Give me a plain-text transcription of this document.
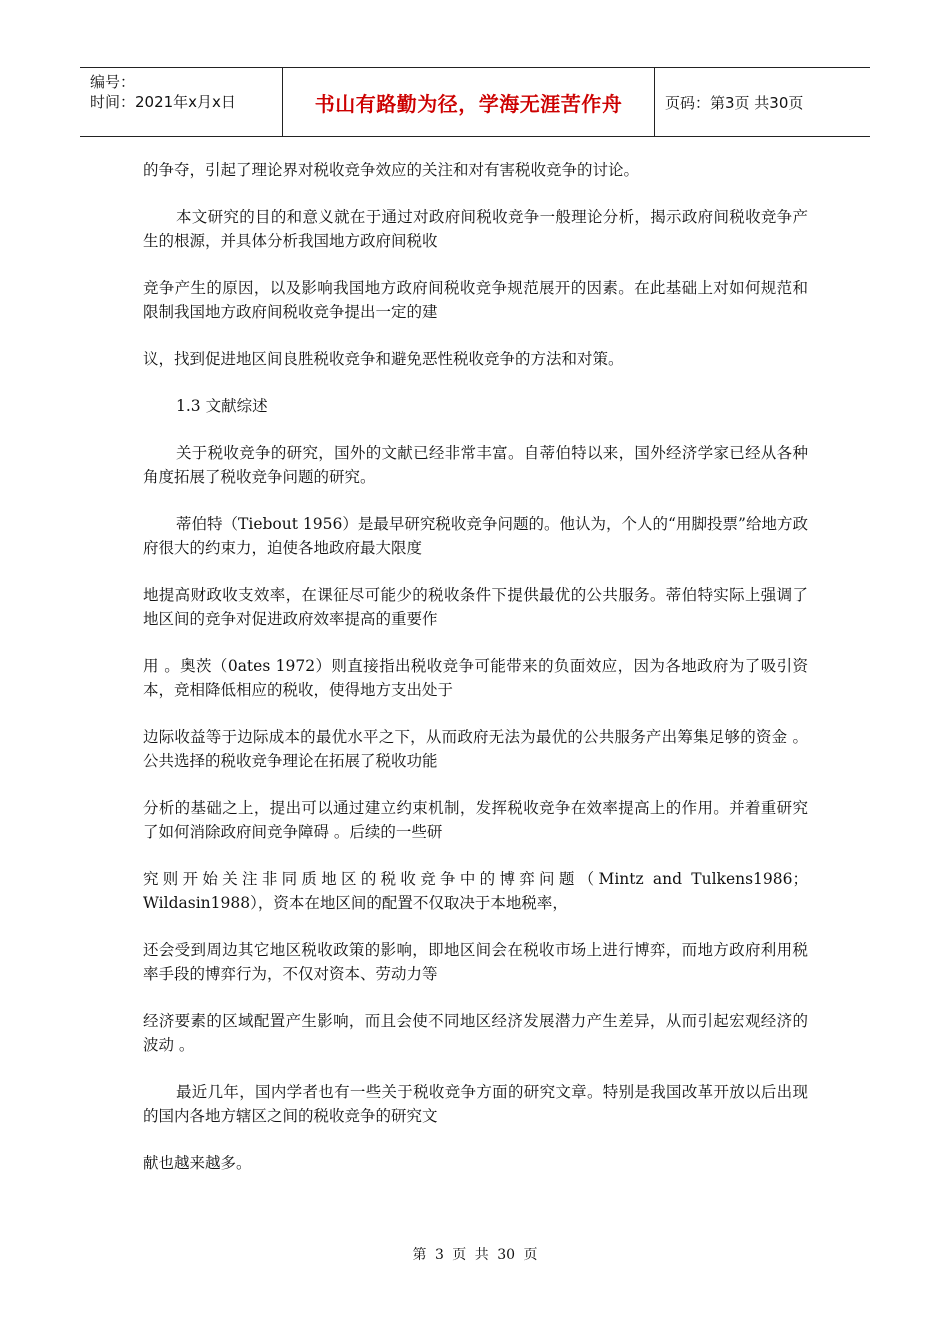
编号：
时间：2021年x月x日	书山有路勤为径，学海无涯苦作舟	页码：第3页 共30页

的争夺，引起了理论界对税收竞争效应的关注和对有害税收竞争的讨论。

本文研究的目的和意义就在于通过对政府间税收竞争一般理论分析，揭示政府间税收竞争产生的根源，并具体分析我国地方政府间税收

竞争产生的原因，以及影响我国地方政府间税收竞争规范展开的因素。在此基础上对如何规范和限制我国地方政府间税收竞争提出一定的建

议，找到促进地区间良胜税收竞争和避免恶性税收竞争的方法和对策。

1.3 文献综述

关于税收竞争的研究，国外的文献已经非常丰富。自蒂伯特以来，国外经济学家已经从各种角度拓展了税收竞争问题的研究。

蒂伯特（Tiebout 1956）是最早研究税收竞争问题的。他认为，个人的“用脚投票”给地方政府很大的约束力，迫使各地政府最大限度

地提高财政收支效率，在课征尽可能少的税收条件下提供最优的公共服务。蒂伯特实际上强调了地区间的竞争对促进政府效率提高的重要作

用 。奥茨（0ates 1972）则直接指出税收竞争可能带来的负面效应，因为各地政府为了吸引资本，竞相降低相应的税收，使得地方支出处于

边际收益等于边际成本的最优水平之下，从而政府无法为最优的公共服务产出筹集足够的资金 。公共选择的税收竞争理论在拓展了税收功能

分析的基础之上，提出可以通过建立约束机制，发挥税收竞争在效率提高上的作用。并着重研究了如何消除政府间竞争障碍 。后续的一些研

究则开始关注非同质地区的税收竞争中的博弈问题（Mintz and Tulkens1986；Wildasin1988），资本在地区间的配置不仅取决于本地税率，

还会受到周边其它地区税收政策的影响，即地区间会在税收市场上进行博弈，而地方政府利用税率手段的博弈行为，不仅对资本、劳动力等

经济要素的区域配置产生影响，而且会使不同地区经济发展潜力产生差异，从而引起宏观经济的波动 。

最近几年，国内学者也有一些关于税收竞争方面的研究文章。特别是我国改革开放以后出现的国内各地方辖区之间的税收竞争的研究文

献也越来越多。

第 3 页 共 30 页
